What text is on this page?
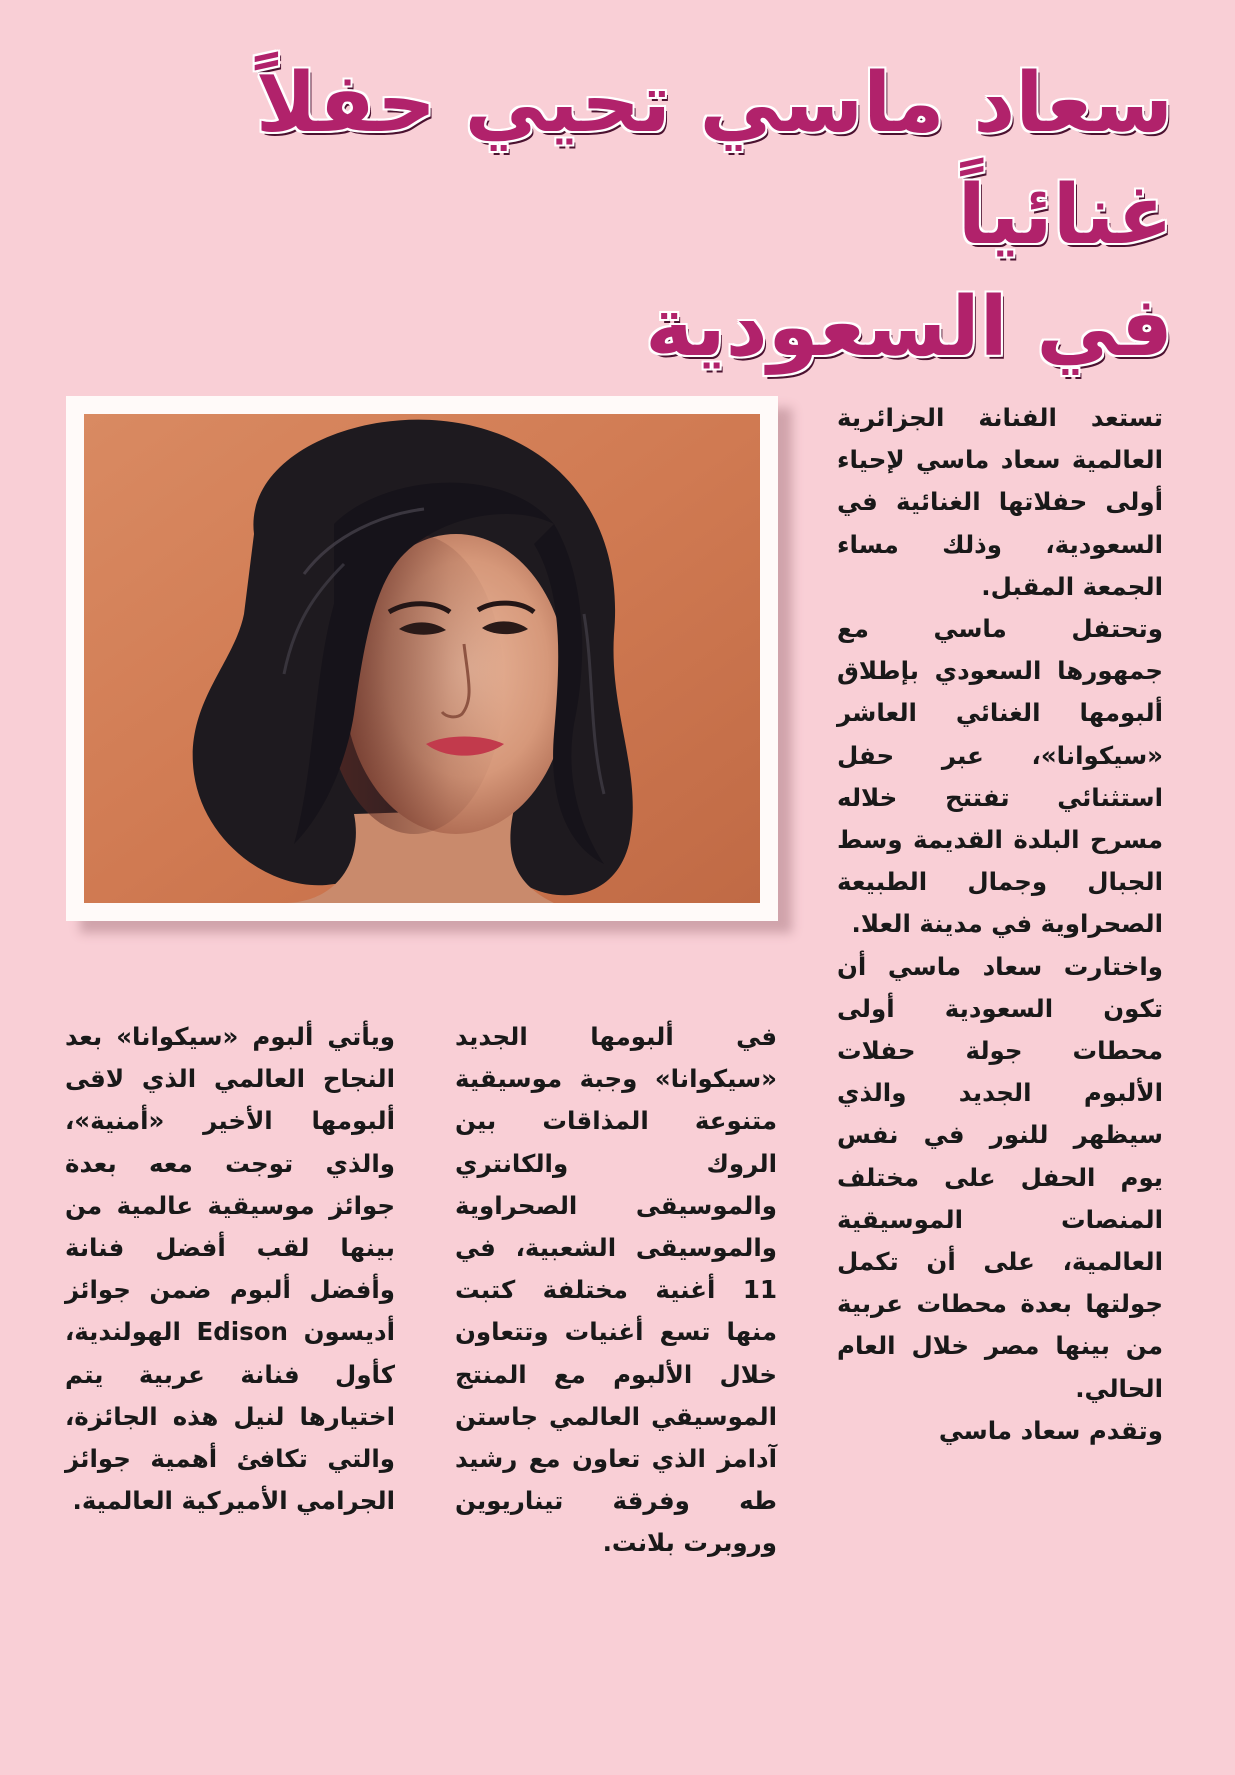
سعاد ماسي تحيي حفلاً غنائياً
في السعودية

تستعد الفنانة الجزائرية العالمية سعاد ماسي لإحياء أولى حفلاتها الغنائية في السعودية، وذلك مساء الجمعة المقبل.

وتحتفل ماسي مع جمهورها السعودي بإطلاق ألبومها الغنائي العاشر «سيكوانا»، عبر حفل استثنائي تفتتح خلاله مسرح البلدة القديمة وسط الجبال وجمال الطبيعة الصحراوية في مدينة العلا.

واختارت سعاد ماسي أن تكون السعودية أولى محطات جولة حفلات الألبوم الجديد والذي سيظهر للنور في نفس يوم الحفل على مختلف المنصات الموسيقية العالمية، على أن تكمل جولتها بعدة محطات عربية من بينها مصر خلال العام الحالي.

وتقدم سعاد ماسي

في ألبومها الجديد «سيكوانا» وجبة موسيقية متنوعة المذاقات بين الروك والكانتري والموسيقى الصحراوية والموسيقى الشعبية، في 11 أغنية مختلفة كتبت منها تسع أغنيات وتتعاون خلال الألبوم مع المنتج الموسيقي العالمي جاستن آدامز الذي تعاون مع رشيد طه وفرقة تيناريوين وروبرت بلانت.

ويأتي ألبوم «سيكوانا» بعد النجاح العالمي الذي لاقى ألبومها الأخير «أمنية»، والذي توجت معه بعدة جوائز موسيقية عالمية من بينها لقب أفضل فنانة وأفضل ألبوم ضمن جوائز أديسون Edison الهولندية، كأول فنانة عربية يتم اختيارها لنيل هذه الجائزة، والتي تكافئ أهمية جوائز الجرامي الأميركية العالمية.
